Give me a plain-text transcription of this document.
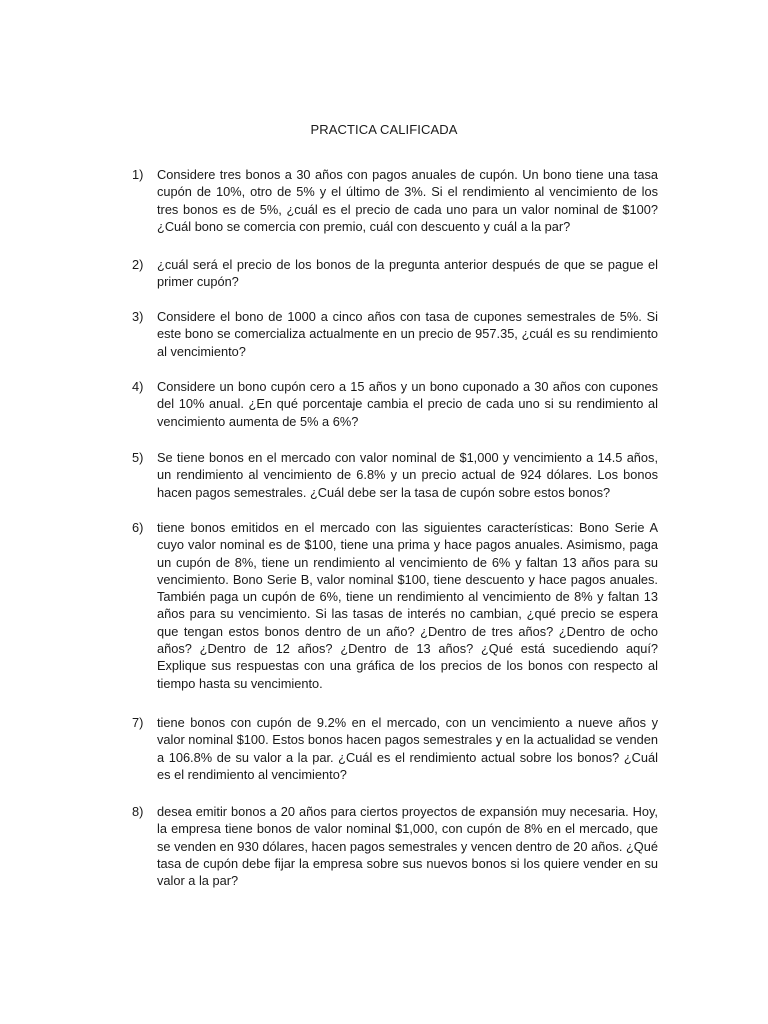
PRACTICA CALIFICADA
1)	Considere tres bonos a 30 años con pagos anuales de cupón. Un bono tiene una tasa cupón de 10%, otro de 5% y el último de 3%. Si el rendimiento al vencimiento de los tres bonos es de 5%, ¿cuál es el precio de cada uno para un valor nominal de $100? ¿Cuál bono se comercia con premio, cuál con descuento y cuál a la par?
2)	¿cuál será el precio de los bonos de la pregunta anterior después de que se pague el primer cupón?
3)	Considere el bono de 1000 a cinco años con tasa de cupones semestrales de 5%. Si este bono se comercializa actualmente en un precio de 957.35, ¿cuál es su rendimiento al vencimiento?
4)	Considere un bono cupón cero a 15 años y un bono cuponado a 30 años con cupones del 10% anual. ¿En qué porcentaje cambia el precio de cada uno si su rendimiento al vencimiento aumenta de 5% a 6%?
5)	Se tiene bonos en el mercado con valor nominal de $1,000 y vencimiento a 14.5 años, un rendimiento al vencimiento de 6.8% y un precio actual de 924 dólares. Los bonos hacen pagos semestrales. ¿Cuál debe ser la tasa de cupón sobre estos bonos?
6)	tiene bonos emitidos en el mercado con las siguientes características: Bono Serie A cuyo valor nominal es de $100, tiene una prima y hace pagos anuales. Asimismo, paga un cupón de 8%, tiene un rendimiento al vencimiento de 6% y faltan 13 años para su vencimiento. Bono Serie B, valor nominal $100, tiene descuento y hace pagos anuales. También paga un cupón de 6%, tiene un rendimiento al vencimiento de 8% y faltan 13 años para su vencimiento. Si las tasas de interés no cambian, ¿qué precio se espera que tengan estos bonos dentro de un año? ¿Dentro de tres años? ¿Dentro de ocho años? ¿Dentro de 12 años? ¿Dentro de 13 años? ¿Qué está sucediendo aquí? Explique sus respuestas con una gráfica de los precios de los bonos con respecto al tiempo hasta su vencimiento.
7)	tiene bonos con cupón de 9.2% en el mercado, con un vencimiento a nueve años y valor nominal $100. Estos bonos hacen pagos semestrales y en la actualidad se venden a 106.8% de su valor a la par. ¿Cuál es el rendimiento actual sobre los bonos? ¿Cuál es el rendimiento al vencimiento?
8)	desea emitir bonos a 20 años para ciertos proyectos de expansión muy necesaria. Hoy, la empresa tiene bonos de valor nominal $1,000, con cupón de 8% en el mercado, que se venden en 930 dólares, hacen pagos semestrales y vencen dentro de 20 años. ¿Qué tasa de cupón debe fijar la empresa sobre sus nuevos bonos si los quiere vender en su valor a la par?
